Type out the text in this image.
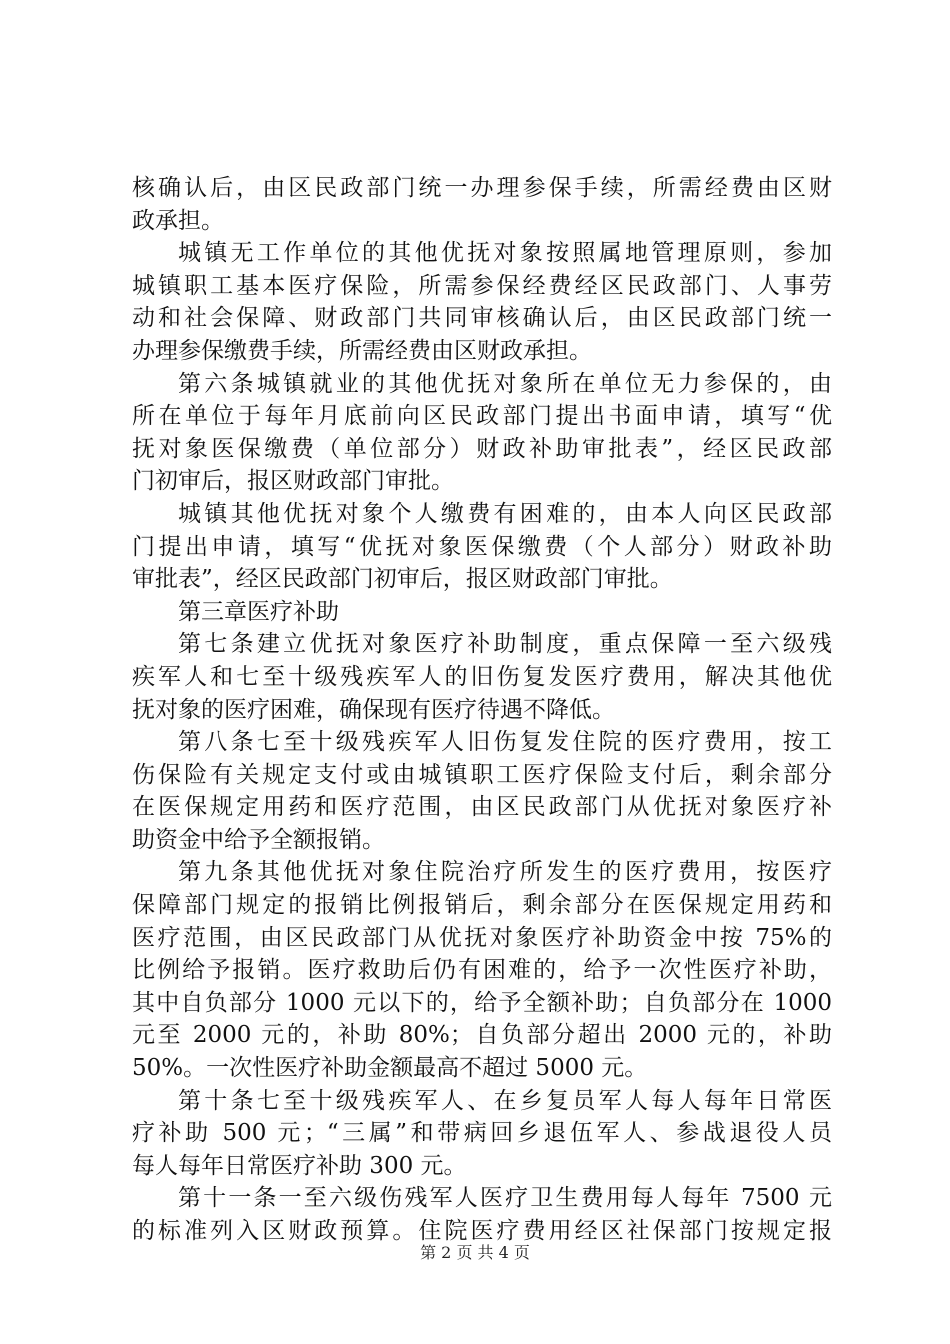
核确认后，由区民政部门统一办理参保手续，所需经费由区财
政承担。
城镇无工作单位的其他优抚对象按照属地管理原则，参加
城镇职工基本医疗保险，所需参保经费经区民政部门、人事劳
动和社会保障、财政部门共同审核确认后，由区民政部门统一
办理参保缴费手续，所需经费由区财政承担。
第六条城镇就业的其他优抚对象所在单位无力参保的，由
所在单位于每年月底前向区民政部门提出书面申请，填写“优
抚对象医保缴费（单位部分）财政补助审批表”，经区民政部
门初审后，报区财政部门审批。
城镇其他优抚对象个人缴费有困难的，由本人向区民政部
门提出申请，填写“优抚对象医保缴费（个人部分）财政补助
审批表”，经区民政部门初审后，报区财政部门审批。
第三章医疗补助
第七条建立优抚对象医疗补助制度，重点保障一至六级残
疾军人和七至十级残疾军人的旧伤复发医疗费用，解决其他优
抚对象的医疗困难，确保现有医疗待遇不降低。
第八条七至十级残疾军人旧伤复发住院的医疗费用，按工
伤保险有关规定支付或由城镇职工医疗保险支付后，剩余部分
在医保规定用药和医疗范围，由区民政部门从优抚对象医疗补
助资金中给予全额报销。
第九条其他优抚对象住院治疗所发生的医疗费用，按医疗
保障部门规定的报销比例报销后，剩余部分在医保规定用药和
医疗范围，由区民政部门从优抚对象医疗补助资金中按 75%的
比例给予报销。医疗救助后仍有困难的，给予一次性医疗补助，
其中自负部分 1000 元以下的，给予全额补助；自负部分在 1000
元至 2000 元的，补助 80%；自负部分超出 2000 元的，补助
50%。一次性医疗补助金额最高不超过 5000 元。
第十条七至十级残疾军人、在乡复员军人每人每年日常医
疗补助 500 元；“三属”和带病回乡退伍军人、参战退役人员
每人每年日常医疗补助 300 元。
第十一条一至六级伤残军人医疗卫生费用每人每年 7500 元
的标准列入区财政预算。住院医疗费用经区社保部门按规定报
第 2 页 共 4 页
